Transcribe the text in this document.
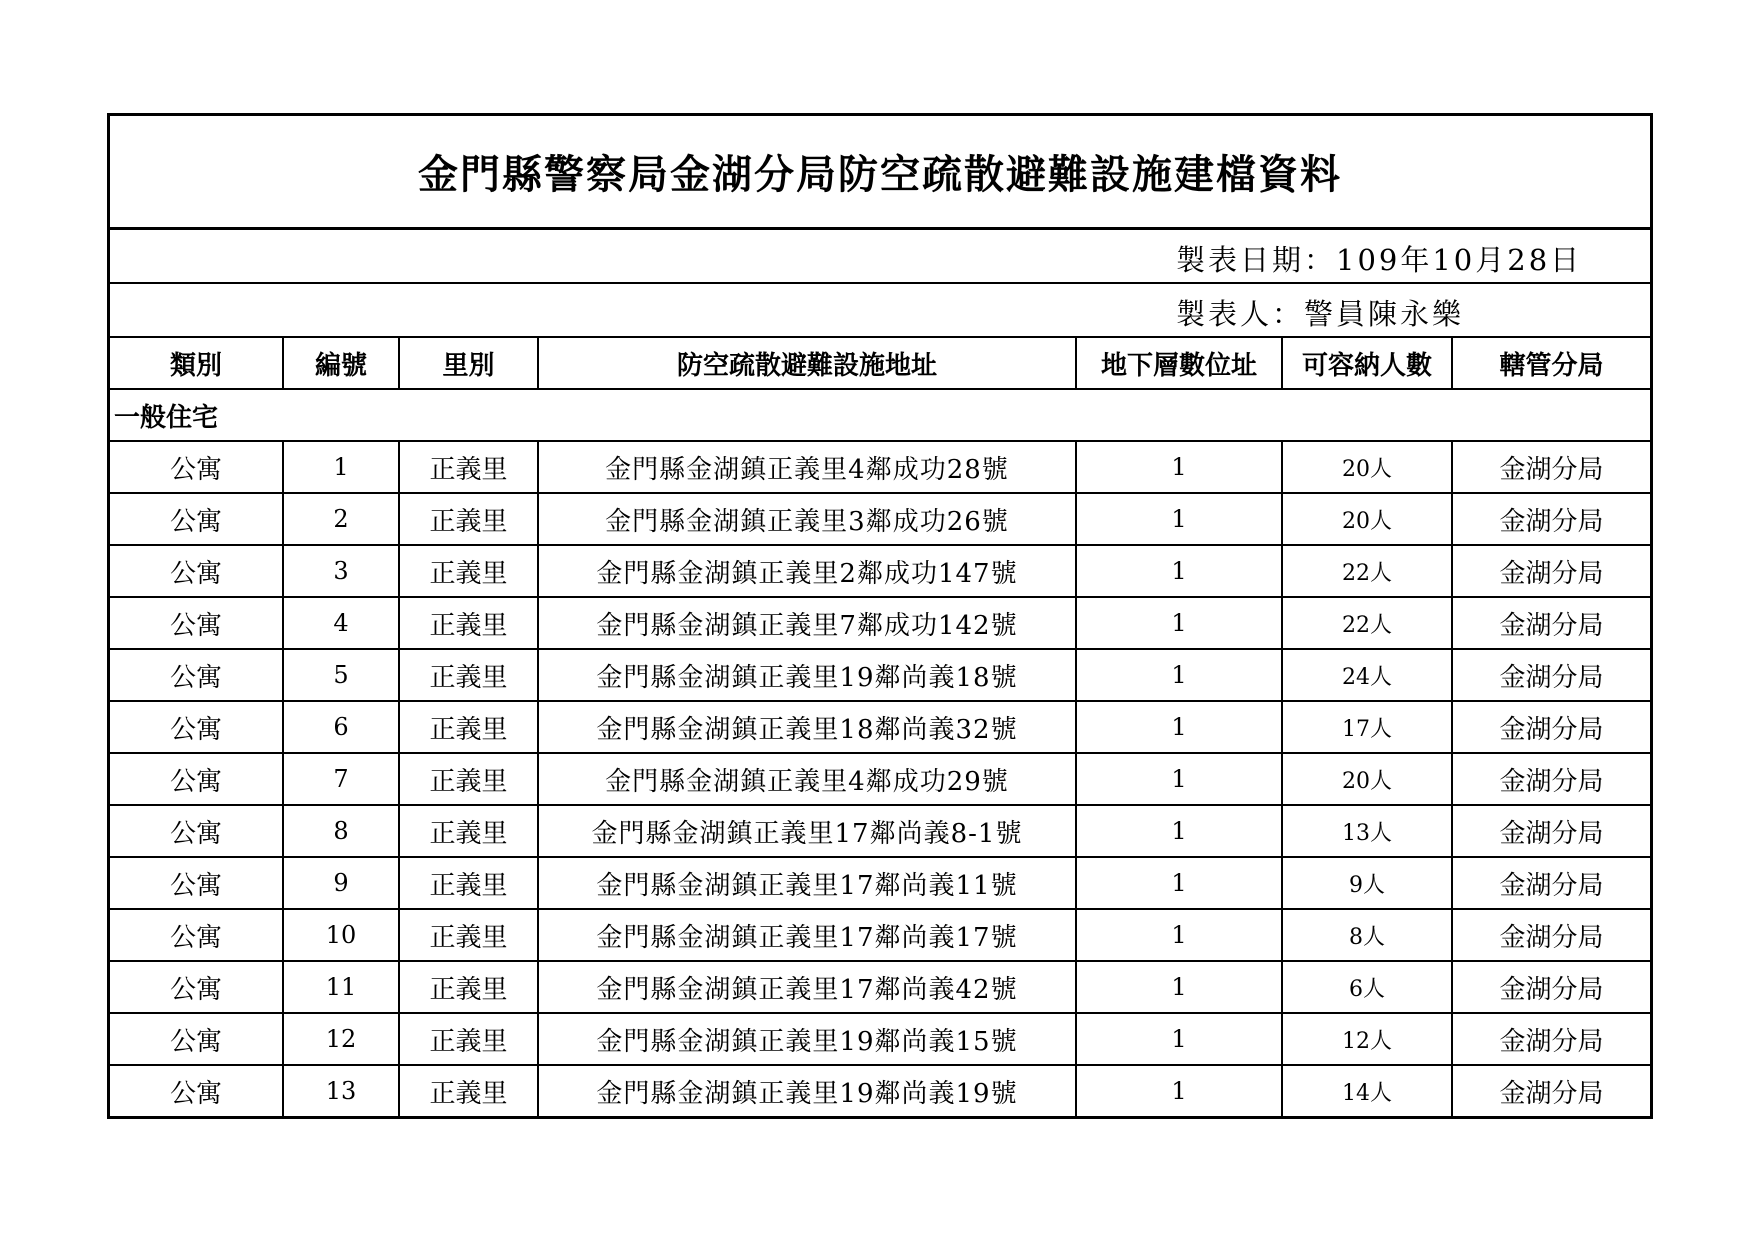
金門縣警察局金湖分局防空疏散避難設施建檔資料
製表日期：109年10月28日
製表人：警員陳永樂
類別	編號	里別	防空疏散避難設施地址	地下層數位址	可容納人數	轄管分局
一般住宅						
公寓	1	正義里	金門縣金湖鎮正義里4鄰成功28號	1	20人	金湖分局
公寓	2	正義里	金門縣金湖鎮正義里3鄰成功26號	1	20人	金湖分局
公寓	3	正義里	金門縣金湖鎮正義里2鄰成功147號	1	22人	金湖分局
公寓	4	正義里	金門縣金湖鎮正義里7鄰成功142號	1	22人	金湖分局
公寓	5	正義里	金門縣金湖鎮正義里19鄰尚義18號	1	24人	金湖分局
公寓	6	正義里	金門縣金湖鎮正義里18鄰尚義32號	1	17人	金湖分局
公寓	7	正義里	金門縣金湖鎮正義里4鄰成功29號	1	20人	金湖分局
公寓	8	正義里	金門縣金湖鎮正義里17鄰尚義8-1號	1	13人	金湖分局
公寓	9	正義里	金門縣金湖鎮正義里17鄰尚義11號	1	9人	金湖分局
公寓	10	正義里	金門縣金湖鎮正義里17鄰尚義17號	1	8人	金湖分局
公寓	11	正義里	金門縣金湖鎮正義里17鄰尚義42號	1	6人	金湖分局
公寓	12	正義里	金門縣金湖鎮正義里19鄰尚義15號	1	12人	金湖分局
公寓	13	正義里	金門縣金湖鎮正義里19鄰尚義19號	1	14人	金湖分局
